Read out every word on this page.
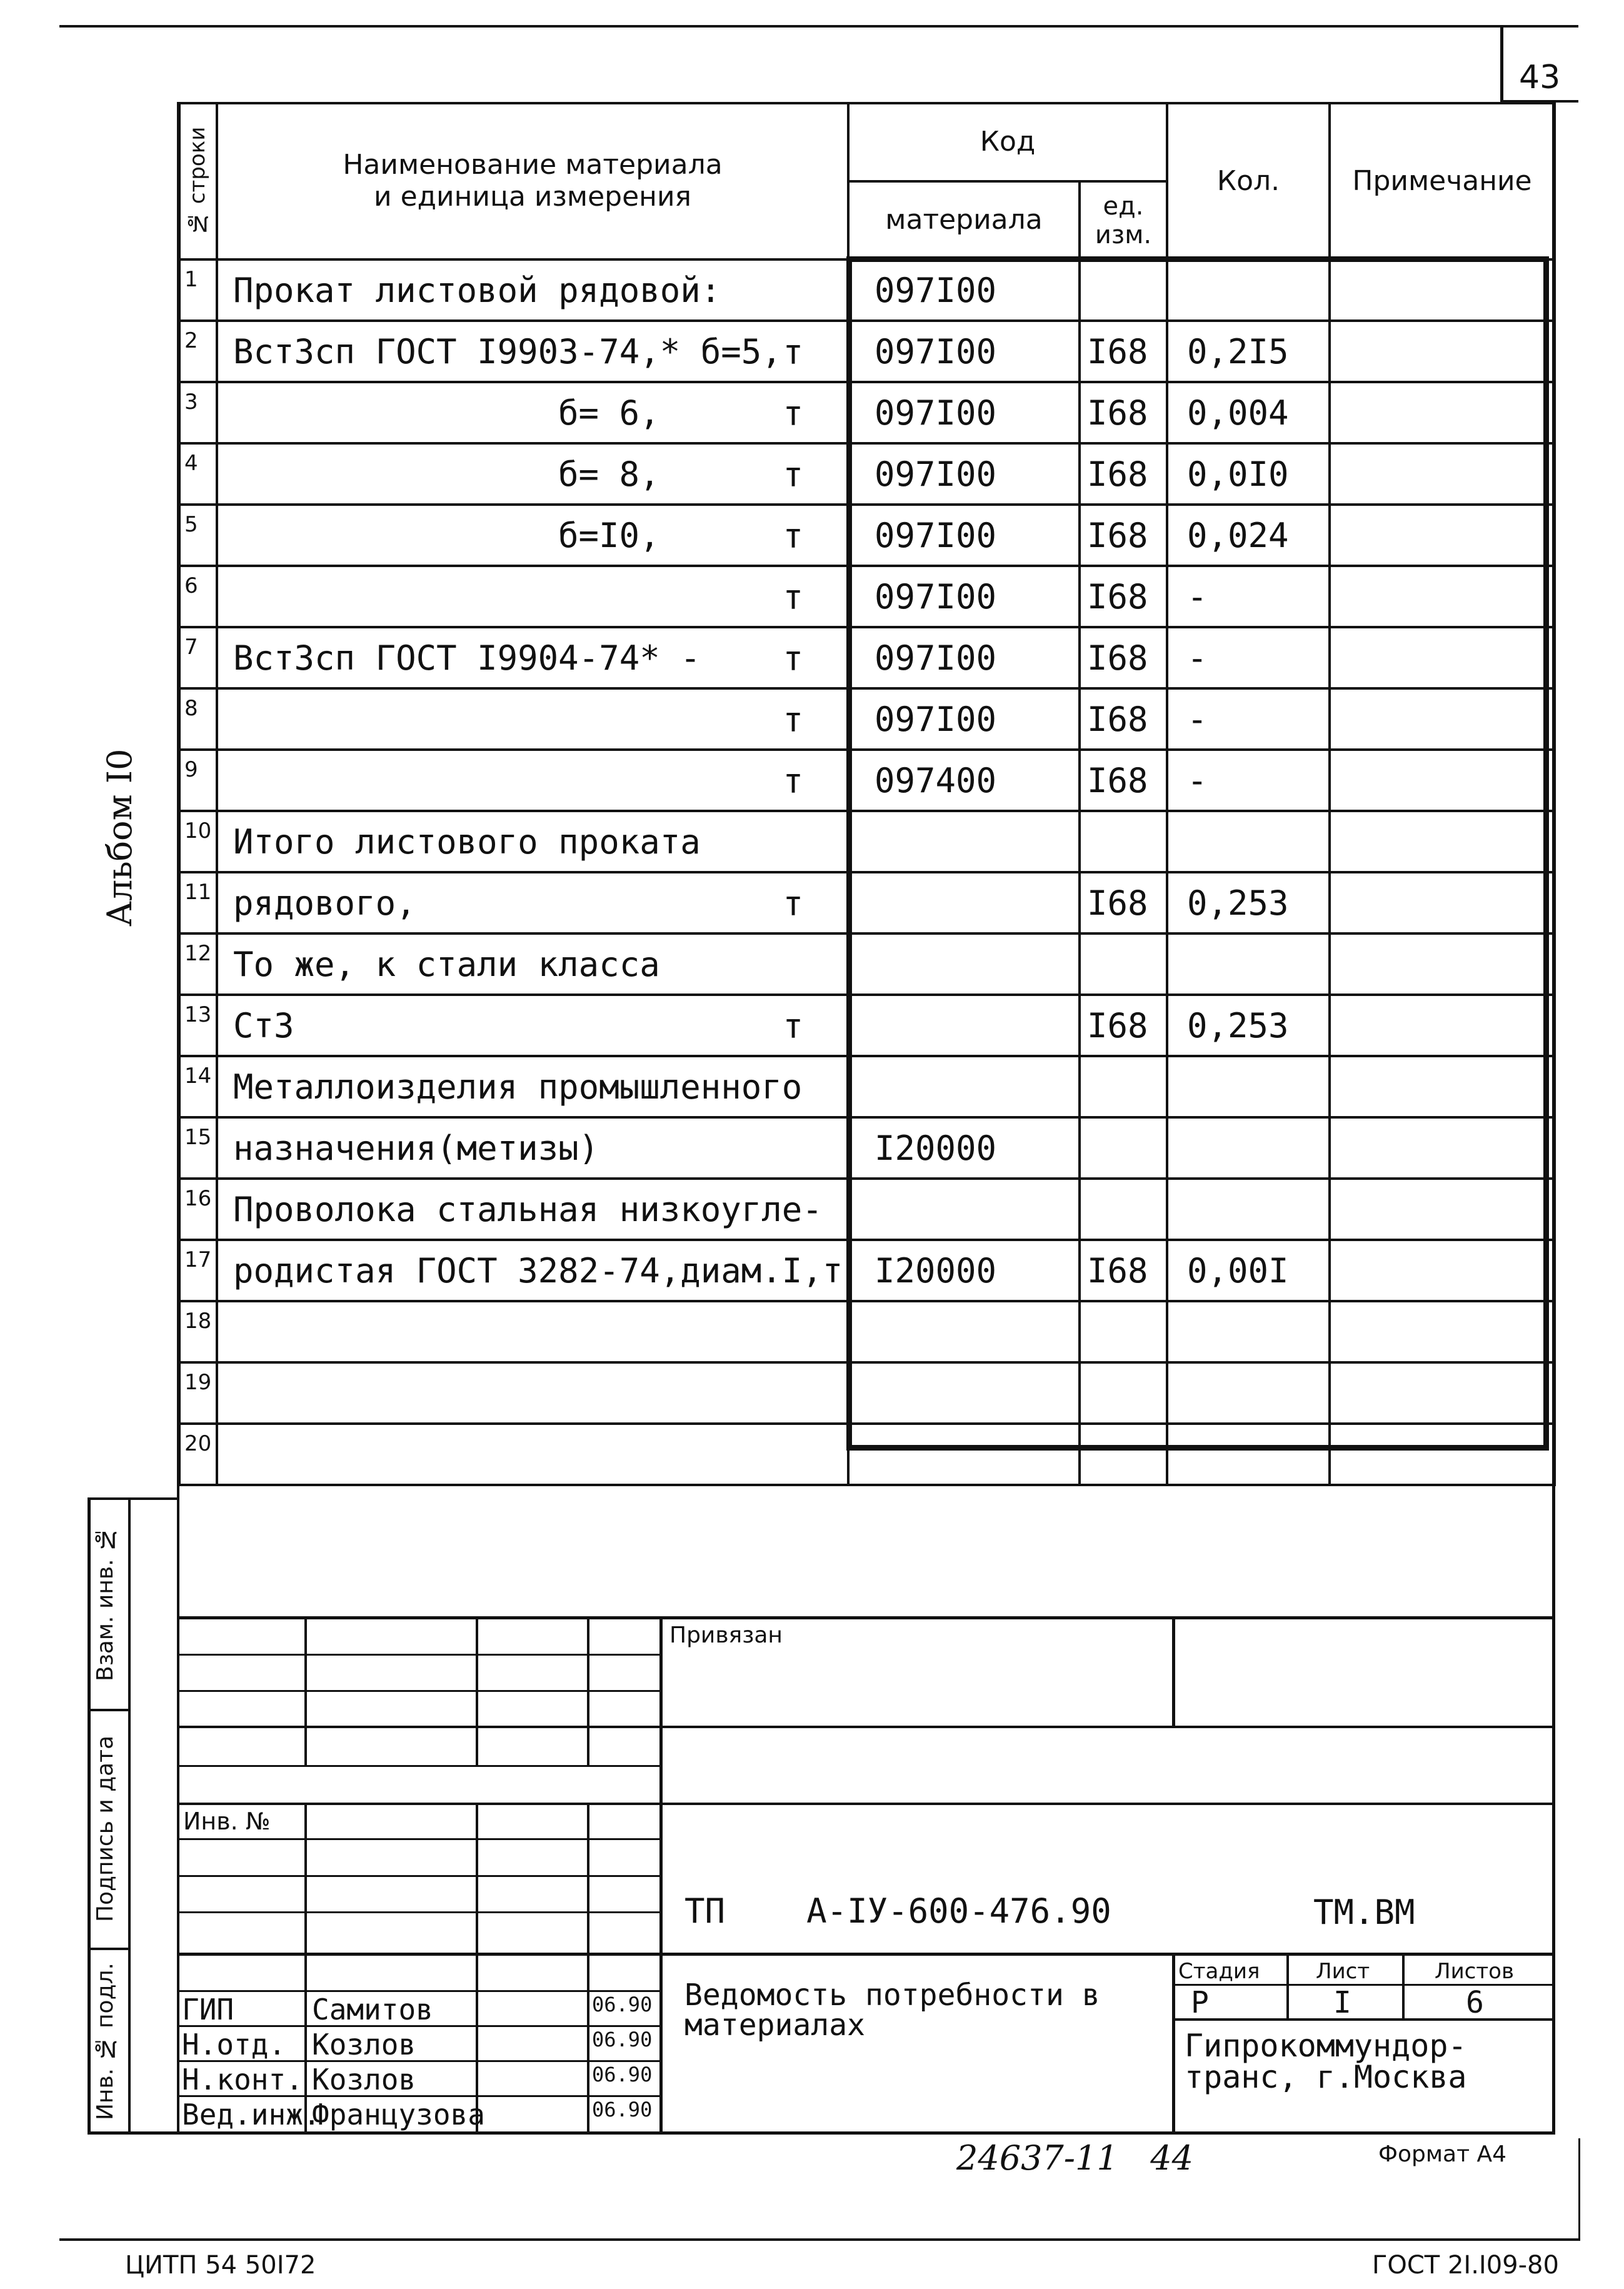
43
Альбом I0
№ строки	Наименование материала и единица измерения	Код		Кол.	Примечание
		материала	ед. изм.		

1	Прокат листовой рядовой:	097I00			
2	ВстЗсп ГОСТ I9903-74,* б=5, т	097I00	I68	0,2I5	
3	б= 6, т	097I00	I68	0,004	
4	б= 8, т	097I00	I68	0,0I0	
5	б=I0, т	097I00	I68	0,024	
6	т	097I00	I68	-	
7	ВстЗсп ГОСТ I9904-74* - т	097I00	I68	-	
8	т	097I00	I68	-	
9	т	097400	I68	-	
10	Итого листового проката

11	рядового, т		I68	0,253	
12	То же, к стали класса

13	СтЗ т		I68	0,253	
14	Металлоизделия промышленного

15	назначения(метизы)	I20000			
16	Проволока стальная низкоугле-

17	родистая ГОСТ 3282-74,диам.I,т	I20000	I68	0,00I	
18	

19	

20	

Взам. инв. №
Подпись и дата
Инв. № подл.
Привязан
Инв. №
ТП    А-IУ-600-476.90	ТМ.ВМ
Ведомость потребности в материалах
Стадия	Лист	Листов
Р	I	6
Гипрокоммундор-транс, г.Москва
ГИП	Самитов	06.90
Н.отд. Козлов	06.90
Н.конт. Козлов	06.90
Вед.инж.
Французова	06.90
24637-11   44	Формат А4
ЦИТП 54 50I72	ГОСТ 2I.I09-80
